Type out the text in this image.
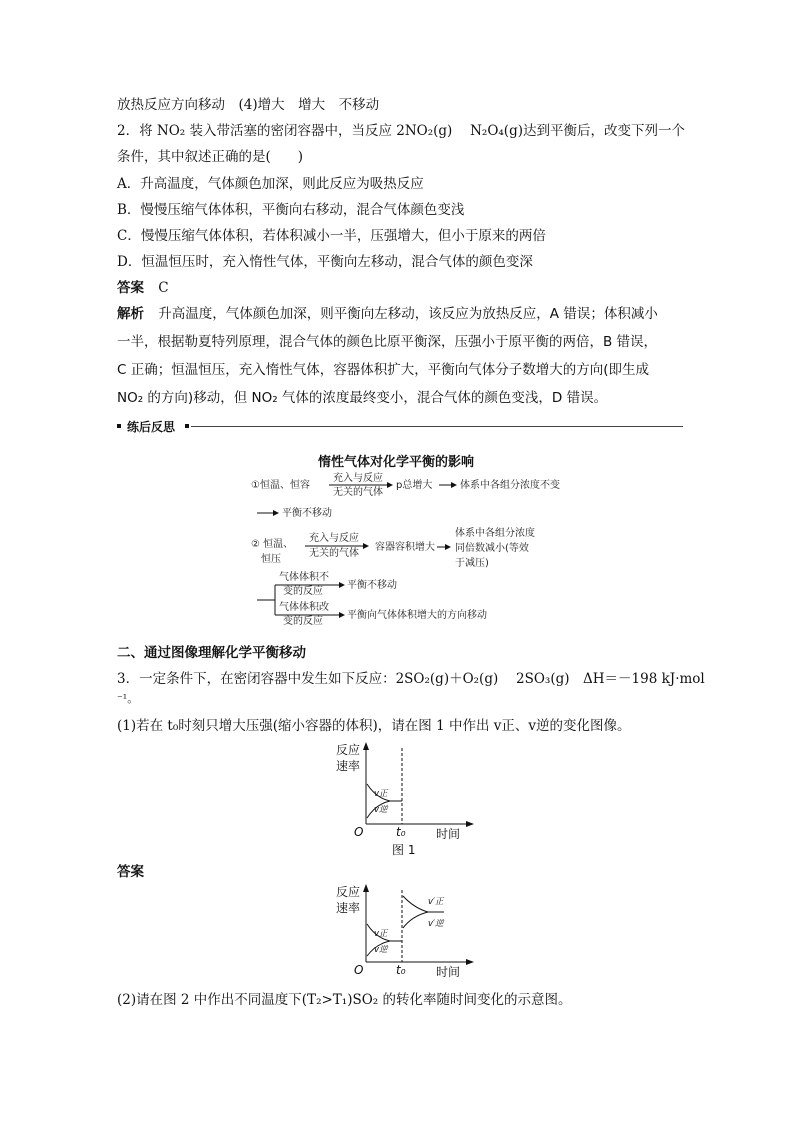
放热反应方向移动　(4)增大　增大　不移动
2．将 NO₂ 装入带活塞的密闭容器中，当反应 2NO₂(g)　 N₂O₄(g)达到平衡后，改变下列一个
条件，其中叙述正确的是(　　)
A．升高温度，气体颜色加深，则此反应为吸热反应
B．慢慢压缩气体体积，平衡向右移动，混合气体颜色变浅
C．慢慢压缩气体体积，若体积减小一半，压强增大，但小于原来的两倍
D．恒温恒压时，充入惰性气体，平衡向左移动，混合气体的颜色变深
答案 C
解析 升高温度，气体颜色加深，则平衡向左移动，该反应为放热反应，A 错误；体积减小
一半，根据勒夏特列原理，混合气体的颜色比原平衡深，压强小于原平衡的两倍，B 错误，
C 正确；恒温恒压，充入惰性气体，容器体积扩大，平衡向气体分子数增大的方向(即生成
NO₂ 的方向)移动，但 NO₂ 气体的浓度最终变小，混合气体的颜色变浅，D 错误。
练后反思
惰性气体对化学平衡的影响
①恒温、恒容
充入与反应
无关的气体
p总增大	体系中各组分浓度不变
平衡不移动
② 恒温、
恒压
充入与反应
无关的气体
容器容积增大
体系中各组分浓度
同倍数减小(等效
于减压)
气体体积不
变的反应
平衡不移动
气体体积改
变的反应
平衡向气体体积增大的方向移动
二、通过图像理解化学平衡移动
3．一定条件下，在密闭容器中发生如下反应：2SO₂(g)＋O₂(g)　 2SO₃(g)　ΔH＝－198 kJ·mol
⁻¹。
(1)若在 t₀时刻只增大压强(缩小容器的体积)，请在图 1 中作出 v正、v逆的变化图像。
反应
速率
v正
v逆
O	t₀	时间
图 1
答案
反应
速率
v正
v逆
v′正
v′逆
O	t₀	时间
(2)请在图 2 中作出不同温度下(T₂>T₁)SO₂ 的转化率随时间变化的示意图。
